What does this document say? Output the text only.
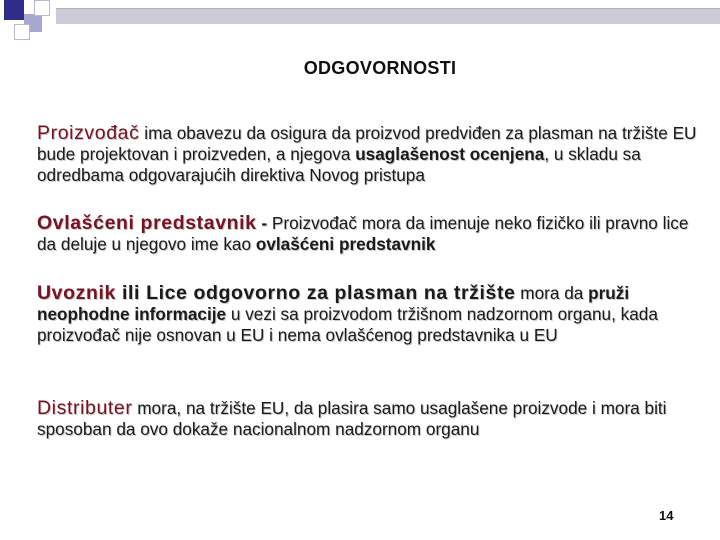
ODGOVORNOSTI
Proizvođač ima obavezu da osigura da proizvod predviđen za plasman na tržište EU bude projektovan i proizveden, a njegova usaglašenost ocenjena, u skladu sa odredbama odgovarajućih direktiva Novog pristupa
Ovlašćeni predstavnik - Proizvođač mora da imenuje neko fizičko ili pravno lice da deluje u njegovo ime kao ovlašćeni predstavnik
Uvoznik ili Lice odgovorno za plasman na tržište mora da pruži neophodne informacije u vezi sa proizvodom tržišnom nadzornom organu, kada proizvođač nije osnovan u EU i nema ovlašćenog predstavnika u EU
Distributer mora, na tržište EU, da plasira samo usaglašene proizvode i mora biti sposoban da ovo dokaže nacionalnom nadzornom organu
14
